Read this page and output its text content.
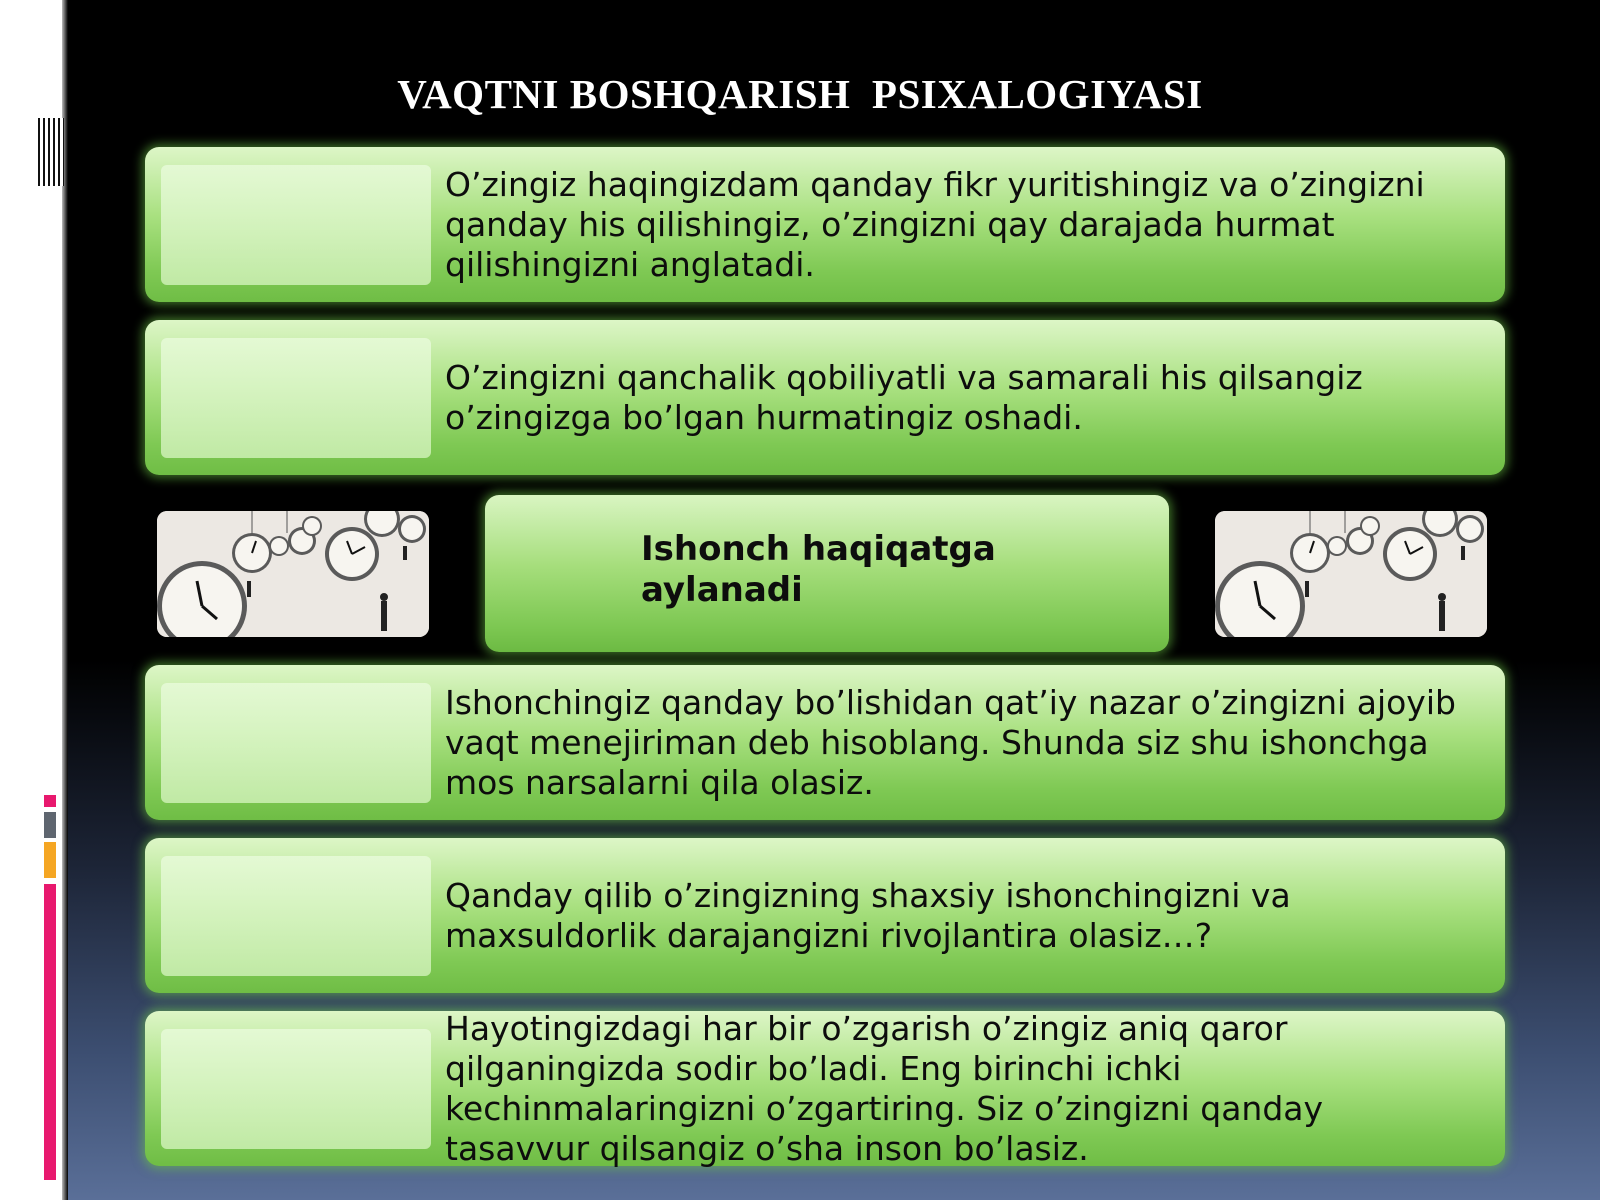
VAQTNI BOSHQARISH  PSIXALOGIYASI
O’zingiz haqingizdam qanday fikr yuritishingiz va o’zingizni qanday his qilishingiz, o’zingizni qay darajada hurmat qilishingizni anglatadi.
O’zingizni qanchalik qobiliyatli va samarali his qilsangiz o’zingizga bo’lgan hurmatingiz oshadi.
Ishonch haqiqatga aylanadi
Ishonchingiz qanday bo’lishidan qat’iy nazar o’zingizni ajoyib vaqt menejiriman deb hisoblang. Shunda siz shu ishonchga mos narsalarni qila olasiz.
Qanday qilib o’zingizning shaxsiy ishonchingizni va maxsuldorlik darajangizni rivojlantira olasiz…?
Hayotingizdagi har bir o’zgarish o’zingiz aniq qaror qilganingizda sodir bo’ladi. Eng birinchi ichki kechinmalaringizni o’zgartiring. Siz o’zingizni qanday tasavvur qilsangiz o’sha inson bo’lasiz.
